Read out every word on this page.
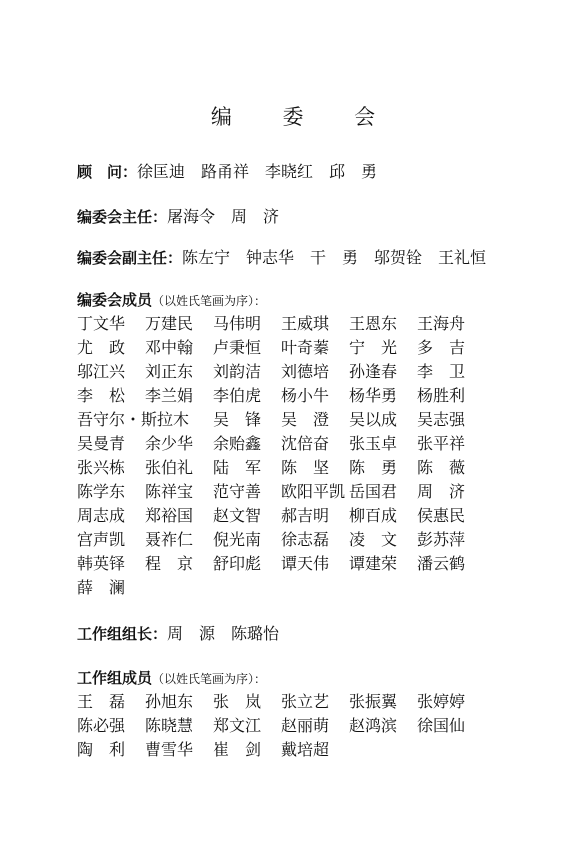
编 委 会
顾　问：徐匡迪　路甬祥　李晓红　邱　勇
编委会主任：屠海令　周　济
编委会副主任：陈左宁　钟志华　干　勇　邬贺铨　王礼恒
编委会成员（以姓氏笔画为序）：
丁文华 万建民 马伟明 王威琪 王恩东 王海舟
尤　政 邓中翰 卢秉恒 叶奇蓁 宁　光 多　吉
邬江兴 刘正东 刘韵洁 刘德培 孙逢春 李　卫
李　松 李兰娟 李伯虎 杨小牛 杨华勇 杨胜利
吾守尔・斯拉木 吴　锋 吴　澄 吴以成 吴志强
吴曼青 余少华 余贻鑫 沈倍奋 张玉卓 张平祥
张兴栋 张伯礼 陆　军 陈　坚 陈　勇 陈　薇
陈学东 陈祥宝 范守善 欧阳平凯 岳国君 周　济
周志成 郑裕国 赵文智 郝吉明 柳百成 侯惠民
宫声凯 聂祚仁 倪光南 徐志磊 凌　文 彭苏萍
韩英铎 程　京 舒印彪 谭天伟 谭建荣 潘云鹤
薛　澜
工作组组长：周　源　陈璐怡
工作组成员（以姓氏笔画为序）：
王　磊 孙旭东 张　岚 张立艺 张振翼 张婷婷
陈必强 陈晓慧 郑文江 赵丽萌 赵鸿滨 徐国仙
陶　利 曹雪华 崔　剑 戴培超
